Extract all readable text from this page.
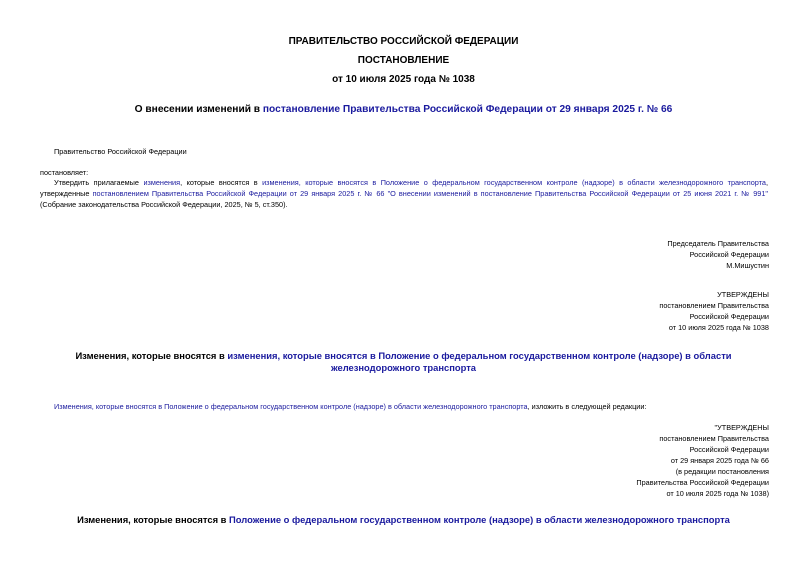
ПРАВИТЕЛЬСТВО РОССИЙСКОЙ ФЕДЕРАЦИИ
ПОСТАНОВЛЕНИЕ
от 10 июля 2025 года № 1038
О внесении изменений в постановление Правительства Российской Федерации от 29 января 2025 г. № 66
Правительство Российской Федерации
постановляет:
Утвердить прилагаемые изменения, которые вносятся в изменения, которые вносятся в Положение о федеральном государственном контроле (надзоре) в области железнодорожного транспорта, утвержденные постановлением Правительства Российской Федерации от 29 января 2025 г. № 66 "О внесении изменений в постановление Правительства Российской Федерации от 25 июня 2021 г. № 991" (Собрание законодательства Российской Федерации, 2025, № 5, ст.350).
Председатель Правительства
Российской Федерации
М.Мишустин
УТВЕРЖДЕНЫ
постановлением Правительства
Российской Федерации
от 10 июля 2025 года № 1038
Изменения, которые вносятся в изменения, которые вносятся в Положение о федеральном государственном контроле (надзоре) в области железнодорожного транспорта
Изменения, которые вносятся в Положение о федеральном государственном контроле (надзоре) в области железнодорожного транспорта, изложить в следующей редакции:
"УТВЕРЖДЕНЫ
постановлением Правительства
Российской Федерации
от 29 января 2025 года № 66
(в редакции постановления
Правительства Российской Федерации
от 10 июля 2025 года № 1038)
Изменения, которые вносятся в Положение о федеральном государственном контроле (надзоре) в области железнодорожного транспорта
